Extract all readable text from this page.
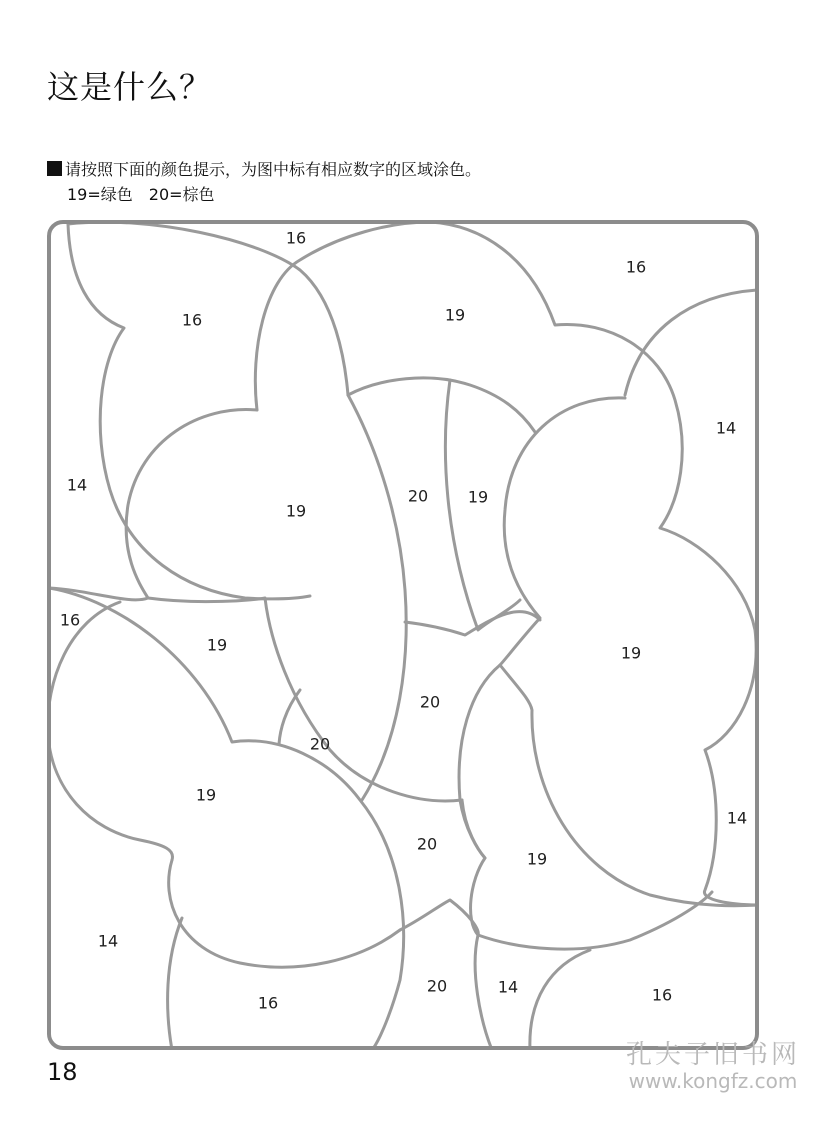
这是什么？
请按照下面的颜色提示，为图中标有相应数字的区域涂色。
19=绿色　20=棕色
16
16
16	19
14
14
19
20 19
16
19	19
20
20
19
14
20
19
14
16
20	14	16
18
孔夫子旧书网
www.kongfz.com
